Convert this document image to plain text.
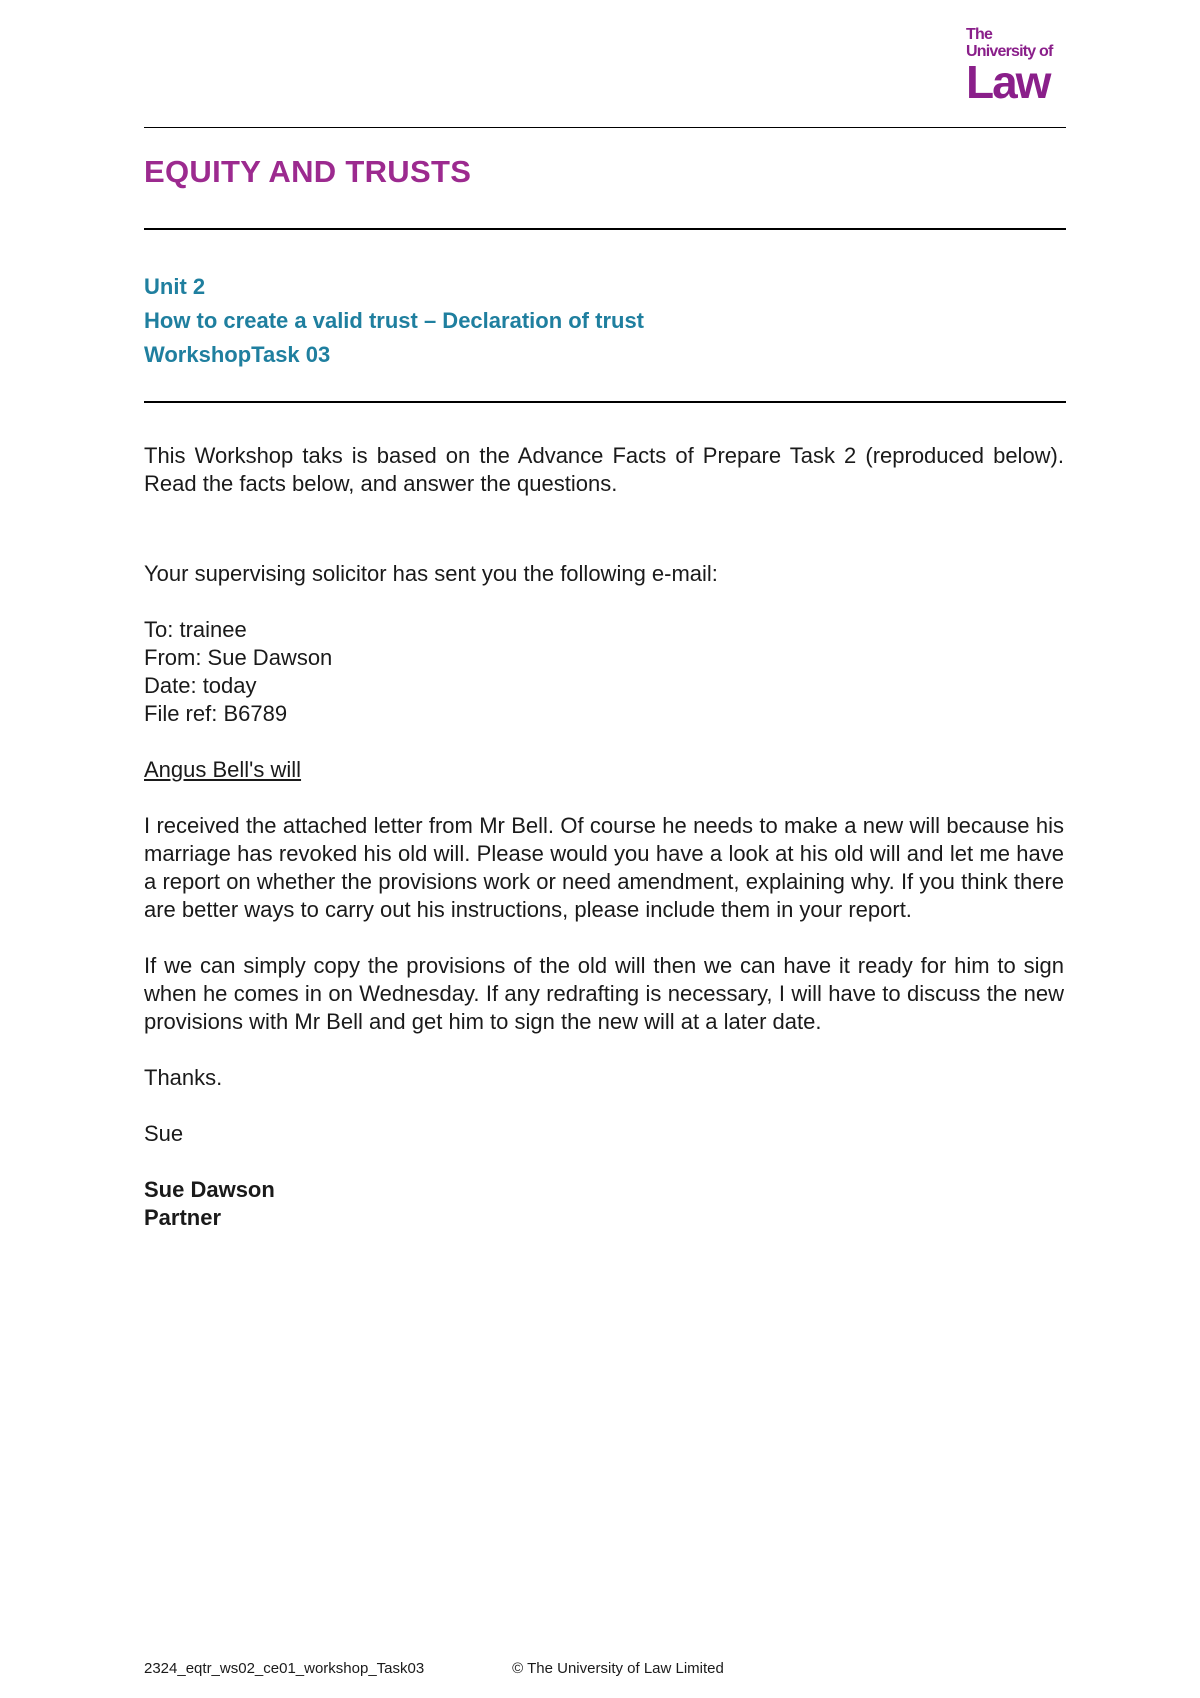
The
University of
Law
EQUITY AND TRUSTS
Unit 2
How to create a valid trust – Declaration of trust
WorkshopTask 03

This Workshop taks is based on the Advance Facts of Prepare Task 2 (reproduced below). Read the facts below, and answer the questions.

Your supervising solicitor has sent you the following e-mail:

To: trainee

From: Sue Dawson

Date: today

File ref: B6789

Angus Bell's will

I received the attached letter from Mr Bell. Of course he needs to make a new will because his marriage has revoked his old will. Please would you have a look at his old will and let me have a report on whether the provisions work or need amendment, explaining why. If you think there are better ways to carry out his instructions, please include them in your report.

If we can simply copy the provisions of the old will then we can have it ready for him to sign when he comes in on Wednesday. If any redrafting is necessary, I will have to discuss the new provisions with Mr Bell and get him to sign the new will at a later date.

Thanks.

Sue

Sue Dawson

Partner

2324_eqtr_ws02_ce01_workshop_Task03	© The University of Law Limited
